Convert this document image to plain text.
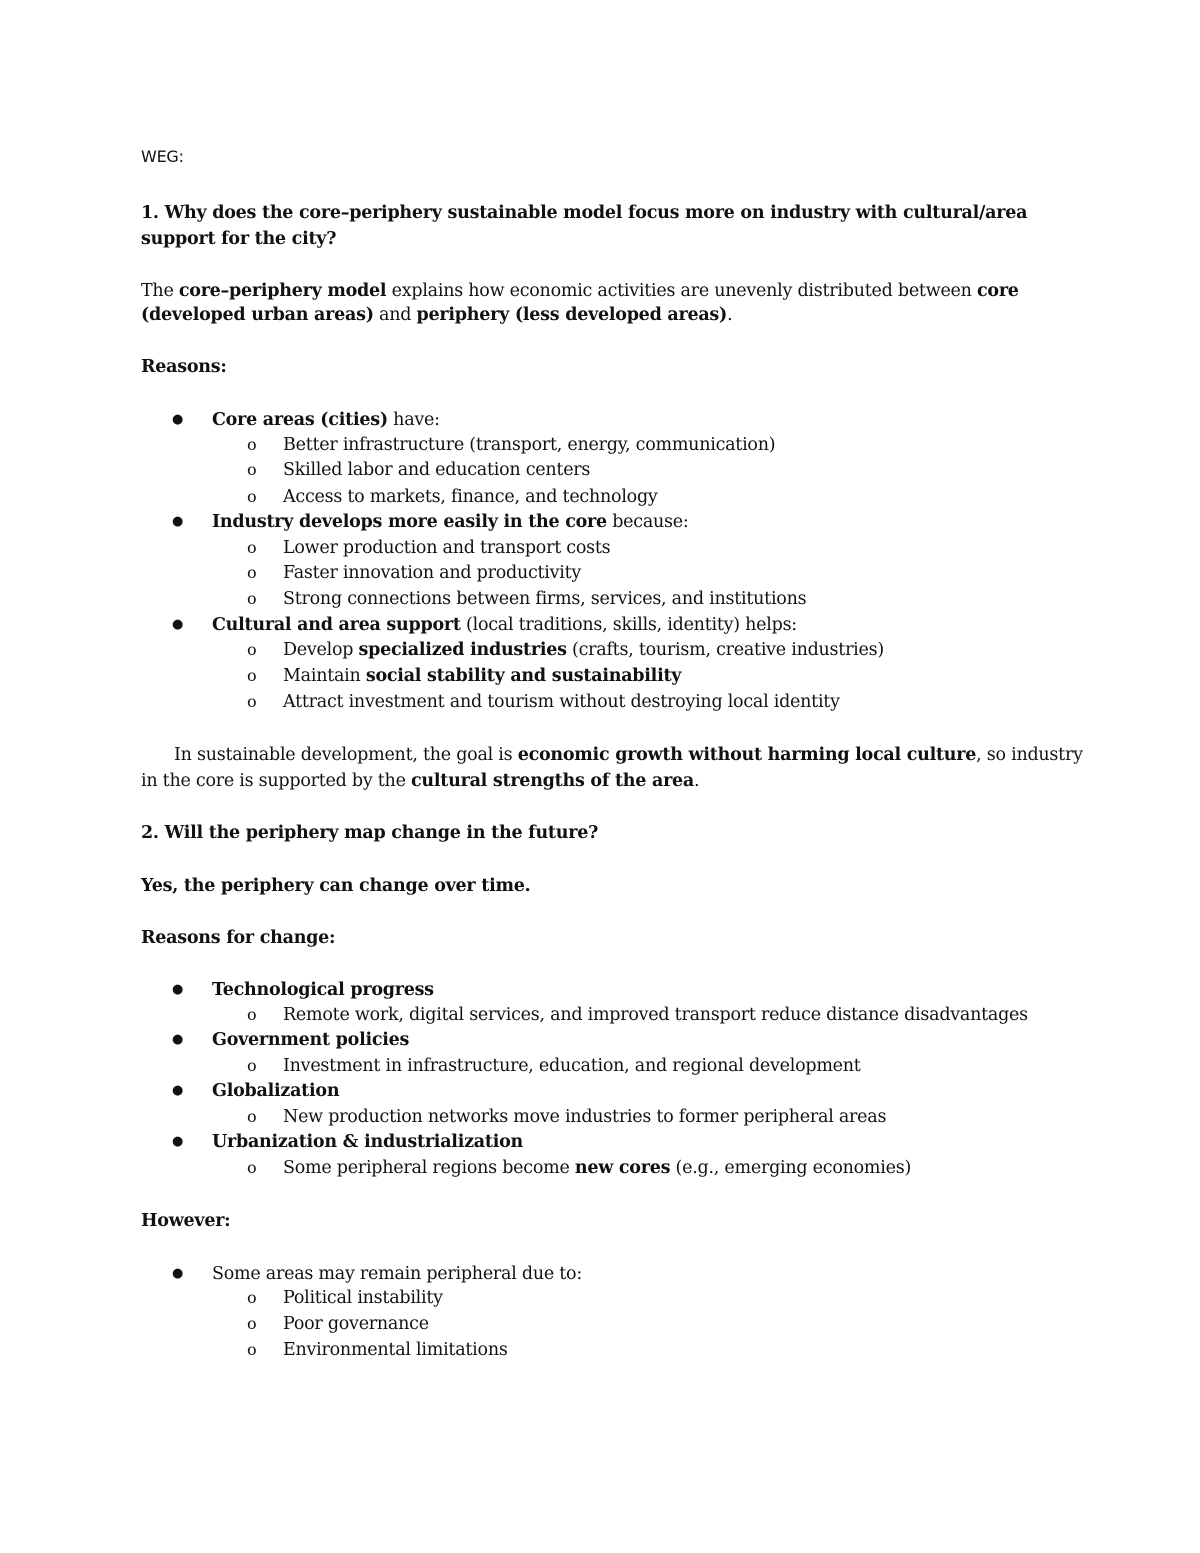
WEG:
1. Why does the core–periphery sustainable model focus more on industry with cultural/area
support for the city?
The core–periphery model explains how economic activities are unevenly distributed between core
(developed urban areas) and periphery (less developed areas).
Reasons:
● Core areas (cities) have:
o Better infrastructure (transport, energy, communication)
o Skilled labor and education centers
o Access to markets, finance, and technology
● Industry develops more easily in the core because:
o Lower production and transport costs
o Faster innovation and productivity
o Strong connections between firms, services, and institutions
● Cultural and area support (local traditions, skills, identity) helps:
o Develop specialized industries (crafts, tourism, creative industries)
o Maintain social stability and sustainability
o Attract investment and tourism without destroying local identity
In sustainable development, the goal is economic growth without harming local culture, so industry
in the core is supported by the cultural strengths of the area.
2. Will the periphery map change in the future?
Yes, the periphery can change over time.
Reasons for change:
● Technological progress
o Remote work, digital services, and improved transport reduce distance disadvantages
● Government policies
o Investment in infrastructure, education, and regional development
● Globalization
o New production networks move industries to former peripheral areas
● Urbanization & industrialization
o Some peripheral regions become new cores (e.g., emerging economies)
However:
● Some areas may remain peripheral due to:
o Political instability
o Poor governance
o Environmental limitations
